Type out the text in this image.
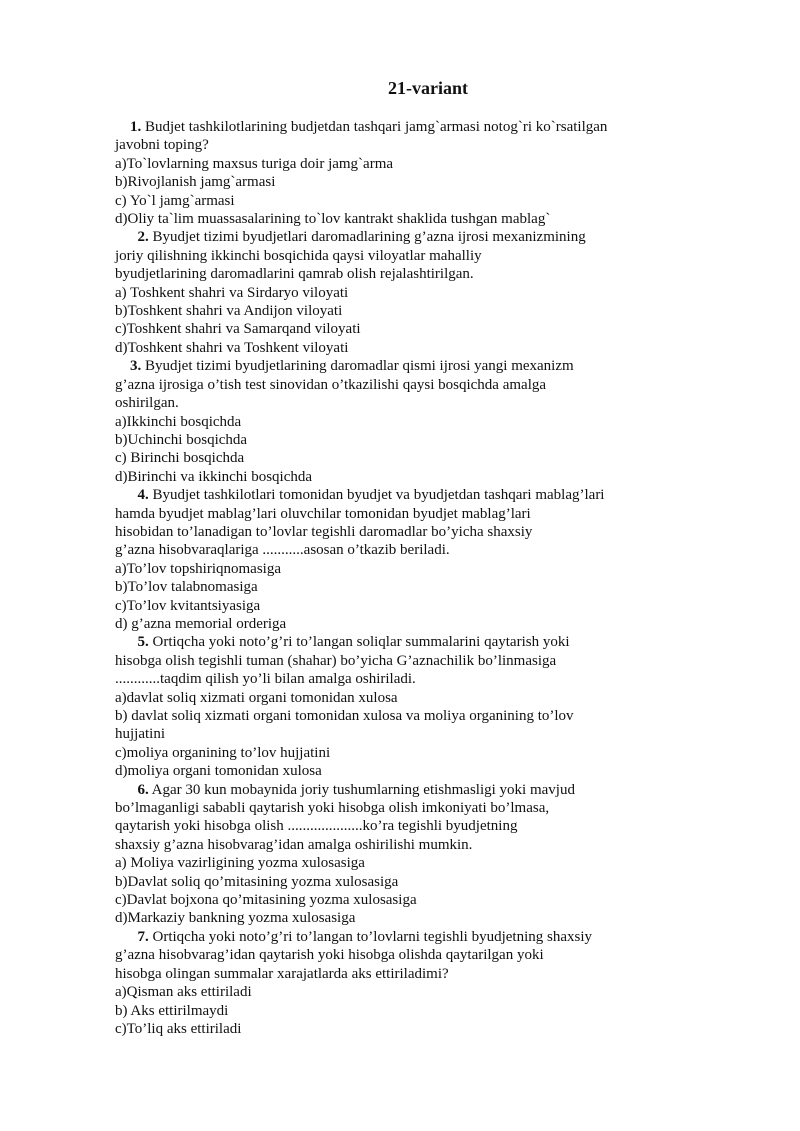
21-variant
1. Budjet tashkilotlarining budjetdan tashqari jamg`armasi notog`ri ko`rsatilgan
javobni toping?
a)To`lovlarning maxsus turiga doir jamg`arma
b)Rivojlanish jamg`armasi
c) Yo`l jamg`armasi
d)Oliy ta`lim muassasalarining to`lov kantrakt shaklida tushgan mablag`
2. Byudjet tizimi byudjetlari daromadlarining g’azna ijrosi mexanizmining
joriy qilishning ikkinchi bosqichida qaysi viloyatlar mahalliy
byudjetlarining daromadlarini qamrab olish rejalashtirilgan.
a) Toshkent shahri va Sirdaryo viloyati
b)Toshkent shahri va Andijon viloyati
c)Toshkent shahri va Samarqand viloyati
d)Toshkent shahri va Toshkent viloyati
3. Byudjet tizimi byudjetlarining daromadlar qismi ijrosi yangi mexanizm
g’azna ijrosiga o’tish test sinovidan o’tkazilishi qaysi bosqichda amalga
oshirilgan.
a)Ikkinchi bosqichda
b)Uchinchi bosqichda
c) Birinchi bosqichda
d)Birinchi va ikkinchi bosqichda
4. Byudjet tashkilotlari tomonidan byudjet va byudjetdan tashqari mablag’lari
hamda byudjet mablag’lari oluvchilar tomonidan byudjet mablag’lari
hisobidan to’lanadigan to’lovlar tegishli daromadlar bo’yicha shaxsiy
g’azna hisobvaraqlariga ...........asosan o’tkazib beriladi.
a)To’lov topshiriqnomasiga
b)To’lov talabnomasiga
c)To’lov kvitantsiyasiga
d) g’azna memorial orderiga
5. Ortiqcha yoki noto’g’ri to’langan soliqlar summalarini qaytarish yoki
hisobga olish tegishli tuman (shahar) bo’yicha G’aznachilik bo’linmasiga
............taqdim qilish yo’li bilan amalga oshiriladi.
a)davlat soliq xizmati organi tomonidan xulosa
b) davlat soliq xizmati organi tomonidan xulosa va moliya organining to’lov
hujjatini
c)moliya organining to’lov hujjatini
d)moliya organi tomonidan xulosa
6. Agar 30 kun mobaynida joriy tushumlarning etishmasligi yoki mavjud
bo’lmaganligi sababli qaytarish yoki hisobga olish imkoniyati bo’lmasa,
qaytarish yoki hisobga olish ....................ko’ra tegishli byudjetning
shaxsiy g’azna hisobvarag’idan amalga oshirilishi mumkin.
a) Moliya vazirligining yozma xulosasiga
b)Davlat soliq qo’mitasining yozma xulosasiga
c)Davlat bojxona qo’mitasining yozma xulosasiga
d)Markaziy bankning yozma xulosasiga
7. Ortiqcha yoki noto’g’ri to’langan to’lovlarni tegishli byudjetning shaxsiy
g’azna hisobvarag’idan qaytarish yoki hisobga olishda qaytarilgan yoki
hisobga olingan summalar xarajatlarda aks ettiriladimi?
a)Qisman aks ettiriladi
b) Aks ettirilmaydi
c)To’liq aks ettiriladi
